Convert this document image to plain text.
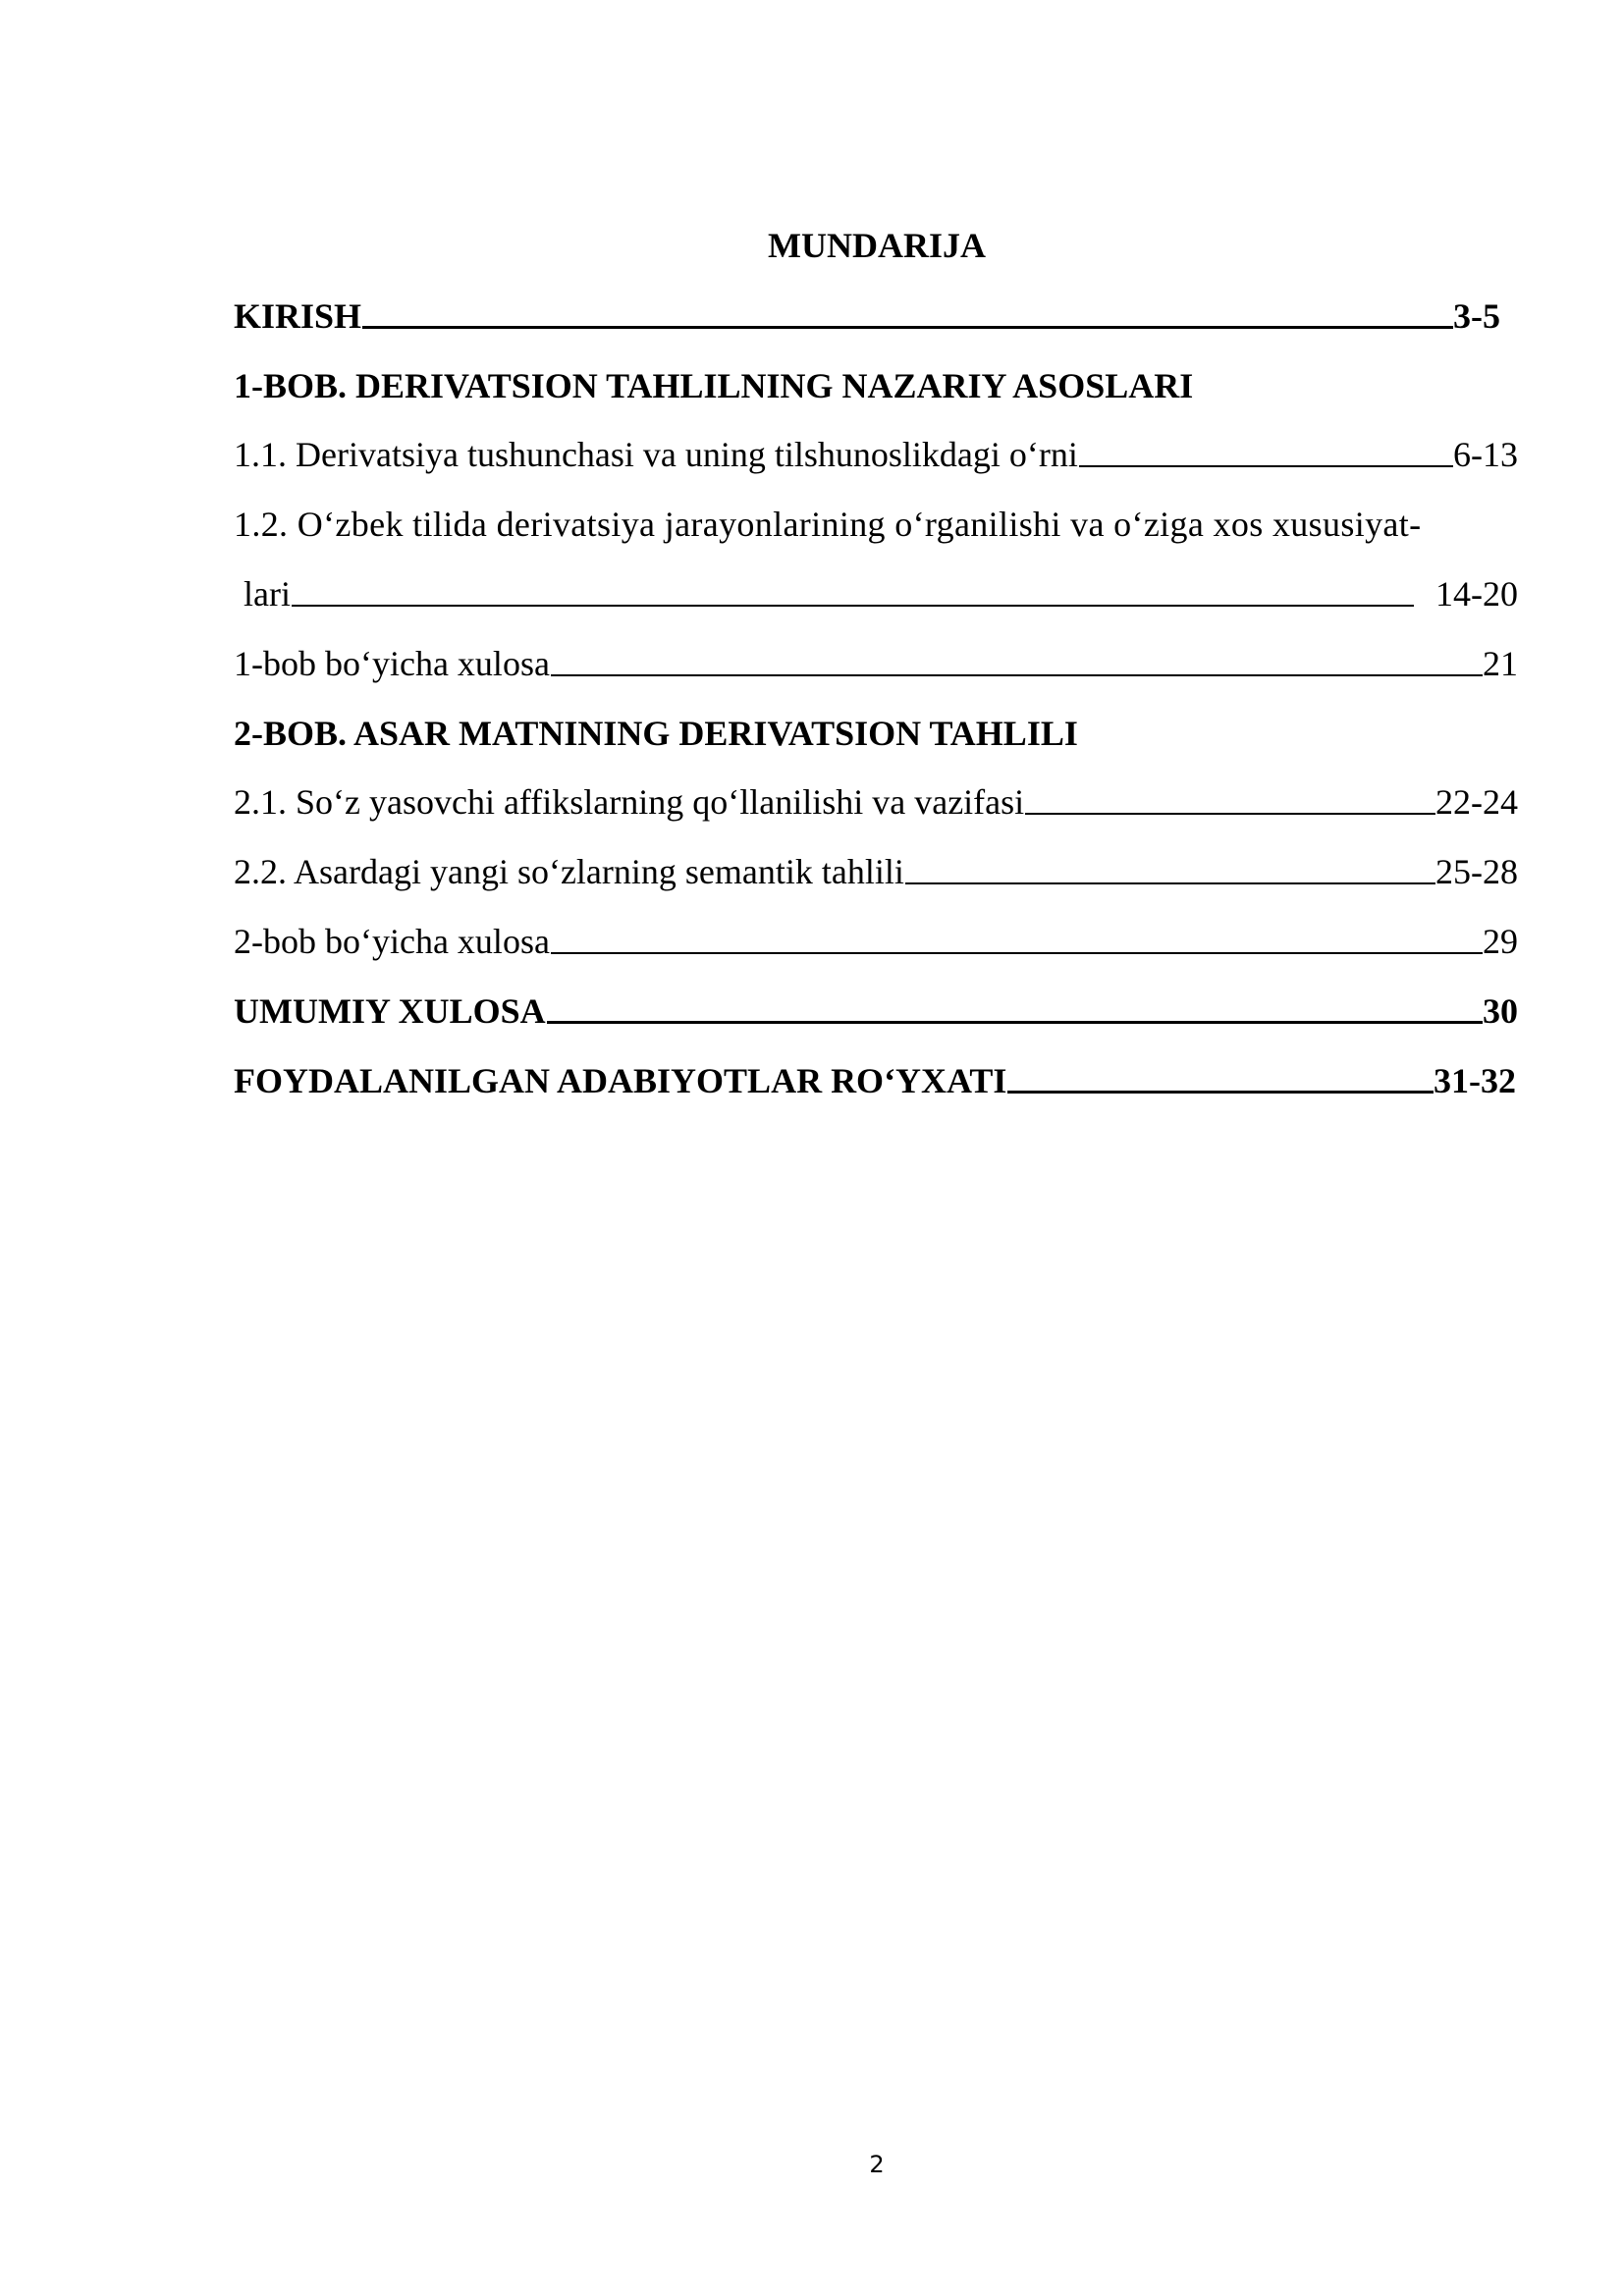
MUNDARIJA
KIRISH	3-5
1-BOB. DERIVATSION TAHLILNING NAZARIY ASOSLARI
1.1. Derivatsiya tushunchasi va uning tilshunoslikdagi o‘rni	6-13
1.2. O‘zbek tilida derivatsiya jarayonlarining o‘rganilishi va o‘ziga xos xususiyat-
lari	14-20
1-bob bo‘yicha xulosa	21
2-BOB. ASAR MATNINING DERIVATSION TAHLILI
2.1. So‘z yasovchi affikslarning qo‘llanilishi va vazifasi	22-24
2.2. Asardagi yangi so‘zlarning semantik tahlili	25-28
2-bob bo‘yicha xulosa	29
UMUMIY XULOSA	30
FOYDALANILGAN ADABIYOTLAR RO‘YXATI	31-32
2
